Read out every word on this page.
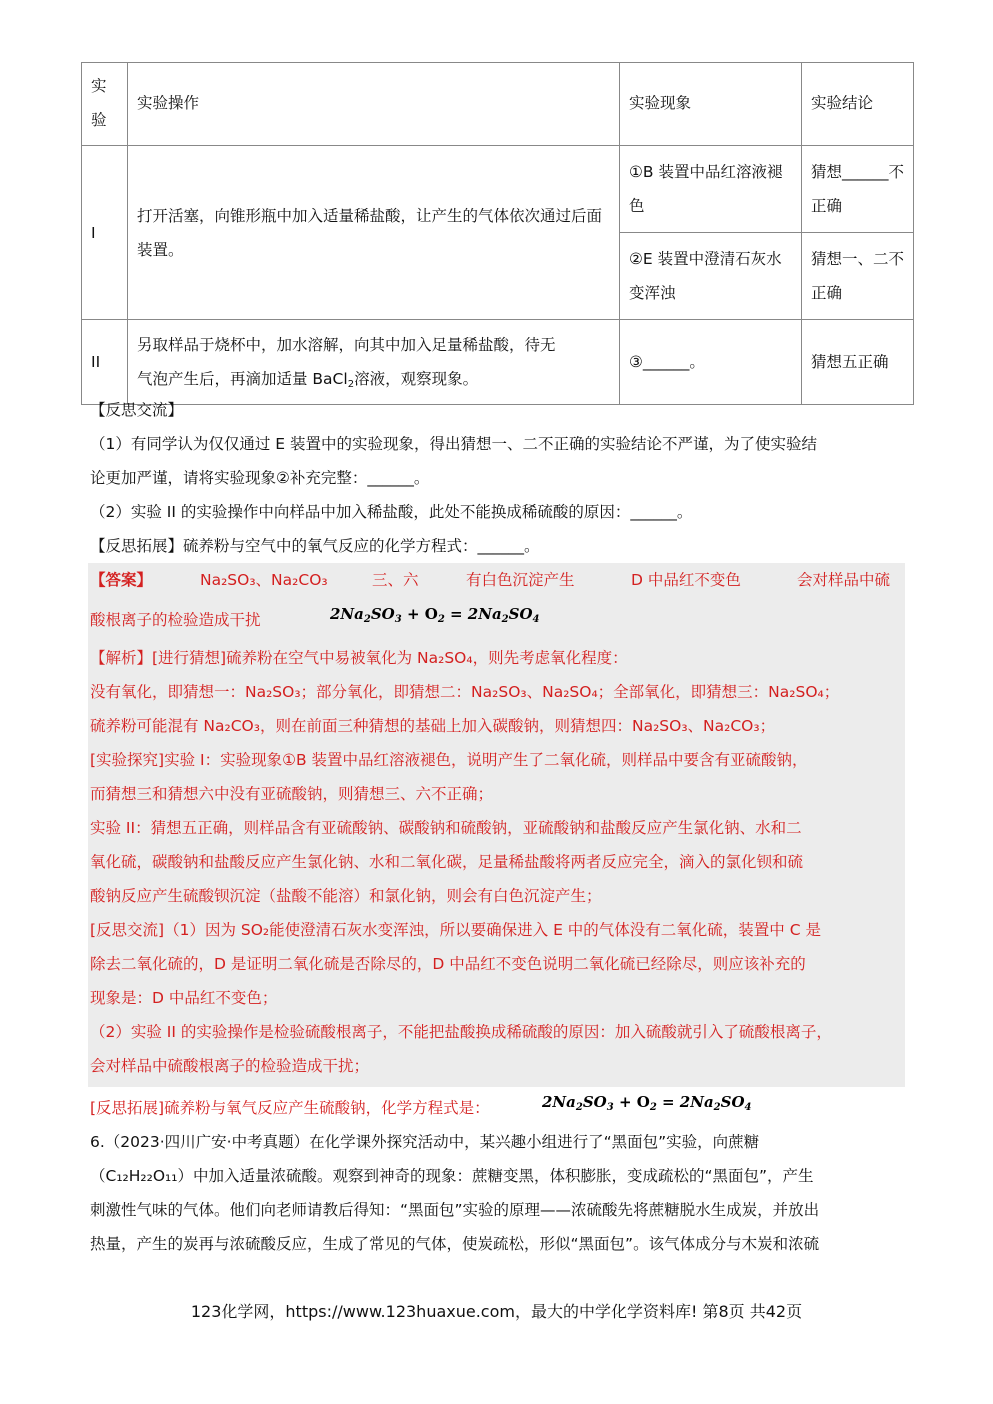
实验	实验操作	实验现象	实验结论
I	打开活塞，向锥形瓶中加入适量稀盐酸，让产生的气体依次通过后面装置。	①B 装置中品红溶液褪色	猜想______不正确
		②E 装置中澄清石灰水变浑浊	猜想一、二不正确
II	另取样品于烧杯中，加水溶解，向其中加入足量稀盐酸，待无
气泡产生后，再滴加适量 BaCl$_2$溶液，观察现象。	③______。	猜想五正确
【反思交流】
（1）有同学认为仅仅通过 E 装置中的实验现象，得出猜想一、二不正确的实验结论不严谨，为了使实验结
论更加严谨，请将实验现象②补充完整：______。
（2）实验 II 的实验操作中向样品中加入稀盐酸，此处不能换成稀硫酸的原因：______。
【反思拓展】硫养粉与空气中的氧气反应的化学方程式：______。
【答案】	Na₂SO₃、Na₂CO₃	三、六	有白色沉淀产生	D 中品红不变色	会对样品中硫
酸根离子的检验造成干扰	$2Na_2SO_3 + O_2 = 2Na_2SO_4$
【解析】[进行猜想]硫养粉在空气中易被氧化为 Na₂SO₄，则先考虑氧化程度：
没有氧化，即猜想一：Na₂SO₃；部分氧化，即猜想二：Na₂SO₃、Na₂SO₄；全部氧化，即猜想三：Na₂SO₄；
硫养粉可能混有 Na₂CO₃，则在前面三种猜想的基础上加入碳酸钠，则猜想四：Na₂SO₃、Na₂CO₃；
[实验探究]实验 I：实验现象①B 装置中品红溶液褪色，说明产生了二氧化硫，则样品中要含有亚硫酸钠，
而猜想三和猜想六中没有亚硫酸钠，则猜想三、六不正确；
实验 II：猜想五正确，则样品含有亚硫酸钠、碳酸钠和硫酸钠，亚硫酸钠和盐酸反应产生氯化钠、水和二
氧化硫，碳酸钠和盐酸反应产生氯化钠、水和二氧化碳，足量稀盐酸将两者反应完全，滴入的氯化钡和硫
酸钠反应产生硫酸钡沉淀（盐酸不能溶）和氯化钠，则会有白色沉淀产生；
[反思交流]（1）因为 SO₂能使澄清石灰水变浑浊，所以要确保进入 E 中的气体没有二氧化硫，装置中 C 是
除去二氧化硫的，D 是证明二氧化硫是否除尽的，D 中品红不变色说明二氧化硫已经除尽，则应该补充的
现象是：D 中品红不变色；
（2）实验 II 的实验操作是检验硫酸根离子，不能把盐酸换成稀硫酸的原因：加入硫酸就引入了硫酸根离子，
会对样品中硫酸根离子的检验造成干扰；
[反思拓展]硫养粉与氧气反应产生硫酸钠，化学方程式是：	$2Na_2SO_3 + O_2 = 2Na_2SO_4$
6.（2023·四川广安·中考真题）在化学课外探究活动中，某兴趣小组进行了“黑面包”实验，向蔗糖
（C₁₂H₂₂O₁₁）中加入适量浓硫酸。观察到神奇的现象：蔗糖变黑，体积膨胀，变成疏松的“黑面包”，产生
刺激性气味的气体。他们向老师请教后得知：“黑面包”实验的原理——浓硫酸先将蔗糖脱水生成炭，并放出
热量，产生的炭再与浓硫酸反应，生成了常见的气体，使炭疏松，形似“黑面包”。该气体成分与木炭和浓硫
123化学网，https://www.123huaxue.com，最大的中学化学资料库! 第8页 共42页
